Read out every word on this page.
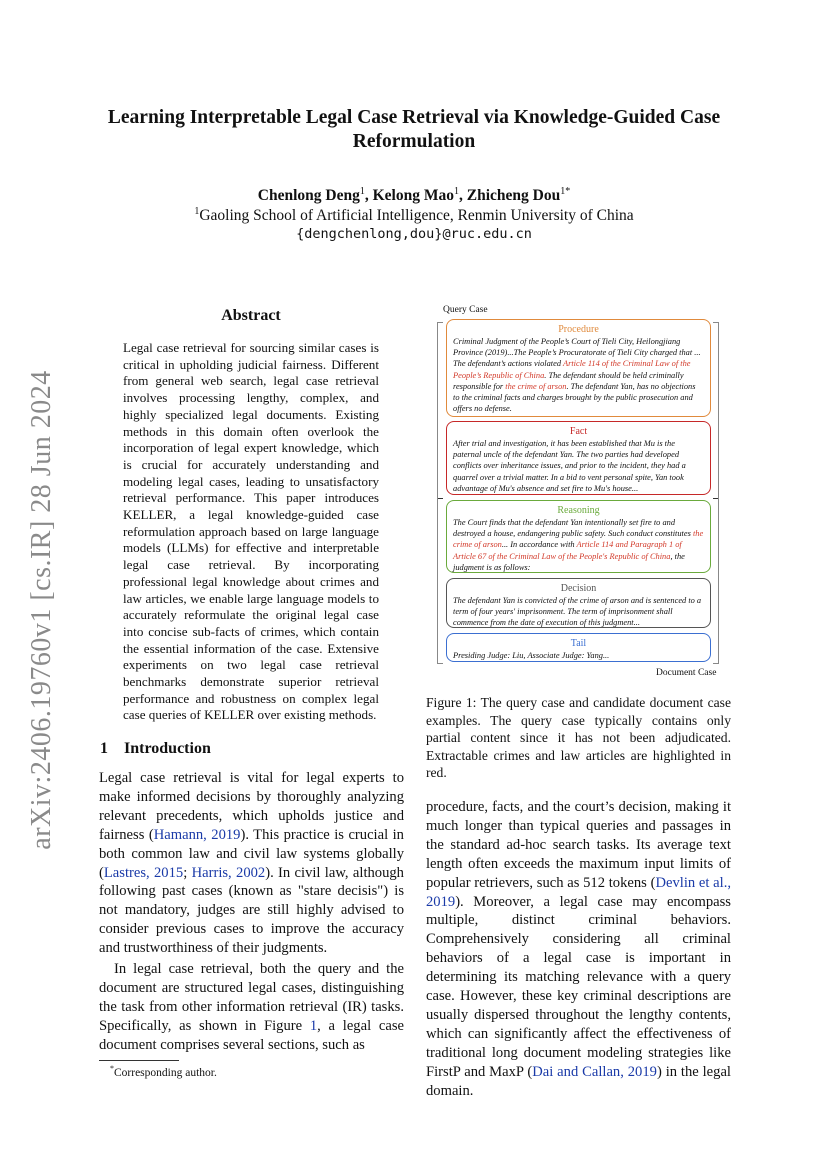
arXiv:2406.19760v1 [cs.IR] 28 Jun 2024
Learning Interpretable Legal Case Retrieval via Knowledge-Guided Case Reformulation
Chenlong Deng$^1$, Kelong Mao$^1$, Zhicheng Dou$^{1*}$
$^1$Gaoling School of Artificial Intelligence, Renmin University of China
{dengchenlong,dou}@ruc.edu.cn
Abstract
Legal case retrieval for sourcing similar cases is critical in upholding judicial fairness. Different from general web search, legal case retrieval involves processing lengthy, complex, and highly specialized legal documents. Existing methods in this domain often overlook the incorporation of legal expert knowledge, which is crucial for accurately understanding and modeling legal cases, leading to unsatisfactory retrieval performance. This paper introduces KELLER, a legal knowledge-guided case reformulation approach based on large language models (LLMs) for effective and interpretable legal case retrieval. By incorporating professional legal knowledge about crimes and law articles, we enable large language models to accurately reformulate the original legal case into concise sub-facts of crimes, which contain the essential information of the case. Extensive experiments on two legal case retrieval benchmarks demonstrate superior retrieval performance and robustness on complex legal case queries of KELLER over existing methods.
1 Introduction

Legal case retrieval is vital for legal experts to make informed decisions by thoroughly analyzing relevant precedents, which upholds justice and fairness (Hamann, 2019). This practice is crucial in both common law and civil law systems globally (Lastres, 2015; Harris, 2002). In civil law, although following past cases (known as "stare decisis") is not mandatory, judges are still highly advised to consider previous cases to improve the accuracy and trustworthiness of their judgments.

In legal case retrieval, both the query and the document are structured legal cases, distinguishing the task from other information retrieval (IR) tasks. Specifically, as shown in Figure 1, a legal case document comprises several sections, such as

*Corresponding author.

procedure, facts, and the court’s decision, making it much longer than typical queries and passages in the standard ad-hoc search tasks. Its average text length often exceeds the maximum input limits of popular retrievers, such as 512 tokens (Devlin et al., 2019). Moreover, a legal case may encompass multiple, distinct criminal behaviors. Comprehensively considering all criminal behaviors of a legal case is important in determining its matching relevance with a query case. However, these key criminal descriptions are usually dispersed throughout the lengthy contents, which can significantly affect the effectiveness of traditional long document modeling strategies like FirstP and MaxP (Dai and Callan, 2019) in the legal domain.

Query Case
Procedure
Criminal Judgment of the People’s Court of Tieli City, Heilongjiang Province (2019)...The People’s Procuratorate of Tieli City charged that ... The defendant’s actions violated Article 114 of the Criminal Law of the People’s Republic of China. The defendant should be held criminally responsible for the crime of arson. The defendant Yan, has no objections to the criminal facts and charges brought by the public prosecution and offers no defense.
Fact
After trial and investigation, it has been established that Mu is the paternal uncle of the defendant Yan. The two parties had developed conflicts over inheritance issues, and prior to the incident, they had a quarrel over a trivial matter. In a bid to vent personal spite, Yan took advantage of Mu's absence and set fire to Mu's house...
Reasoning
The Court finds that the defendant Yan intentionally set fire to and destroyed a house, endangering public safety. Such conduct constitutes the crime of arson... In accordance with Article 114 and Paragraph 1 of Article 67 of the Criminal Law of the People's Republic of China, the judgment is as follows:
Decision
The defendant Yan is convicted of the crime of arson and is sentenced to a term of four years' imprisonment. The term of imprisonment shall commence from the date of execution of this judgment...
Tail
Presiding Judge: Liu, Associate Judge: Yang...
Document Case
Figure 1: The query case and candidate document case examples. The query case typically contains only partial content since it has not been adjudicated. Extractable crimes and law articles are highlighted in red.
